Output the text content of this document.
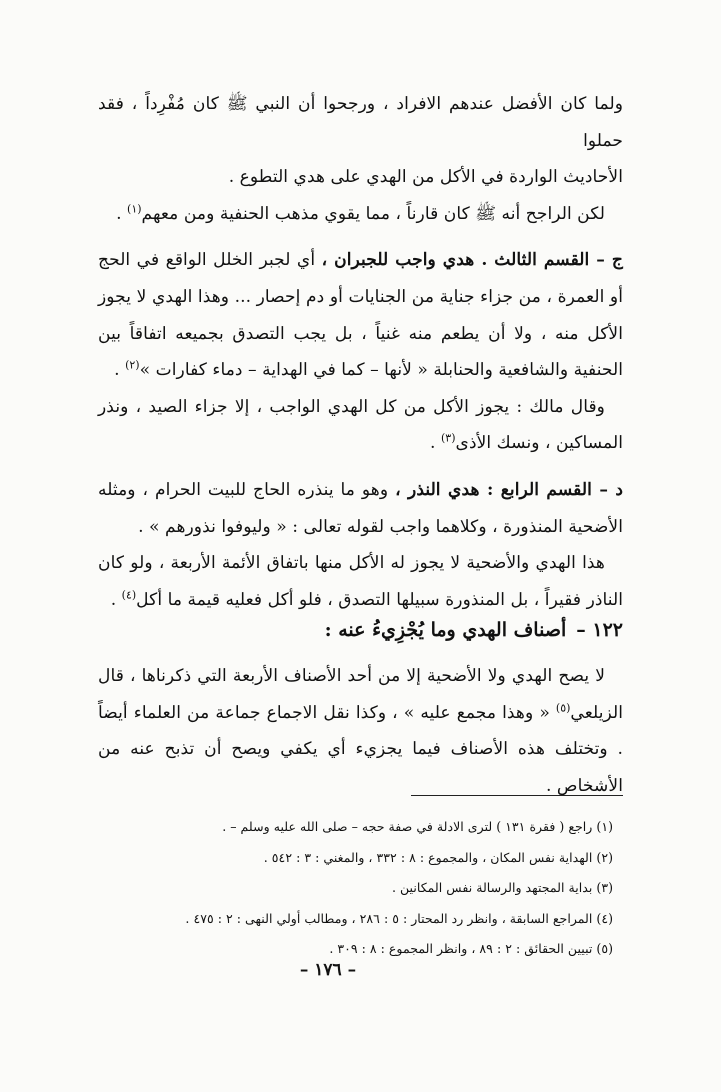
ولما كان الأفضل عندهم الافراد ، ورجحوا أن النبي ﷺ كان مُفْرِداً ، فقد حملوا
الأحاديث الواردة في الأكل من الهدي على هدي التطوع .

لكن الراجح أنه ﷺ كان قارناً ، مما يقوي مذهب الحنفية ومن معهم$^{(١)}$ .

ج – القسم الثالث . هدي واجب للجبران ، أي لجبر الخلل الواقع في الحج أو العمرة ، من جزاء جناية من الجنايات أو دم إحصار ... وهذا الهدي لا يجوز الأكل منه ، ولا أن يطعم منه غنياً ، بل يجب التصدق بجميعه اتفاقاً بين الحنفية والشافعية والحنابلة « لأنها – كما في الهداية – دماء كفارات »$^{(٢)}$ .

وقال مالك : يجوز الأكل من كل الهدي الواجب ، إلا جزاء الصيد ، ونذر المساكين ، ونسك الأذى$^{(٣)}$ .

د – القسم الرابع : هدي النذر ، وهو ما ينذره الحاج للبيت الحرام ، ومثله الأضحية المنذورة ، وكلاهما واجب لقوله تعالى : « وليوفوا نذورهم » .

هذا الهدي والأضحية لا يجوز له الأكل منها باتفاق الأئمة الأربعة ، ولو كان الناذر فقيراً ، بل المنذورة سبيلها التصدق ، فلو أكل فعليه قيمة ما أكل$^{(٤)}$ .

١٢٢ –أصناف الهدي وما يُجْزِيءُ عنه :

لا يصح الهدي ولا الأضحية إلا من أحد الأصناف الأربعة التي ذكرناها ، قال الزيلعي$^{(٥)}$ « وهذا مجمع عليه » ، وكذا نقل الاجماع جماعة من العلماء أيضاً . وتختلف هذه الأصناف فيما يجزيء أي يكفي ويصح أن تذبح عنه من الأشخاص .

(١) راجع ( فقرة ١٣١ ) لترى الادلة في صفة حجه – صلى الله عليه وسلم – .
(٢) الهداية نفس المكان ، والمجموع : ٨ : ٣٣٢ ، والمغني : ٣ : ٥٤٢ .
(٣) بداية المجتهد والرسالة نفس المكانين .
(٤) المراجع السابقة ، وانظر رد المحتار : ٥ : ٢٨٦ ، ومطالب أولي النهى : ٢ : ٤٧٥ .
(٥) تبيين الحقائق : ٢ : ٨٩ ، وانظر المجموع : ٨ : ٣٠٩ .
– ١٧٦ –
